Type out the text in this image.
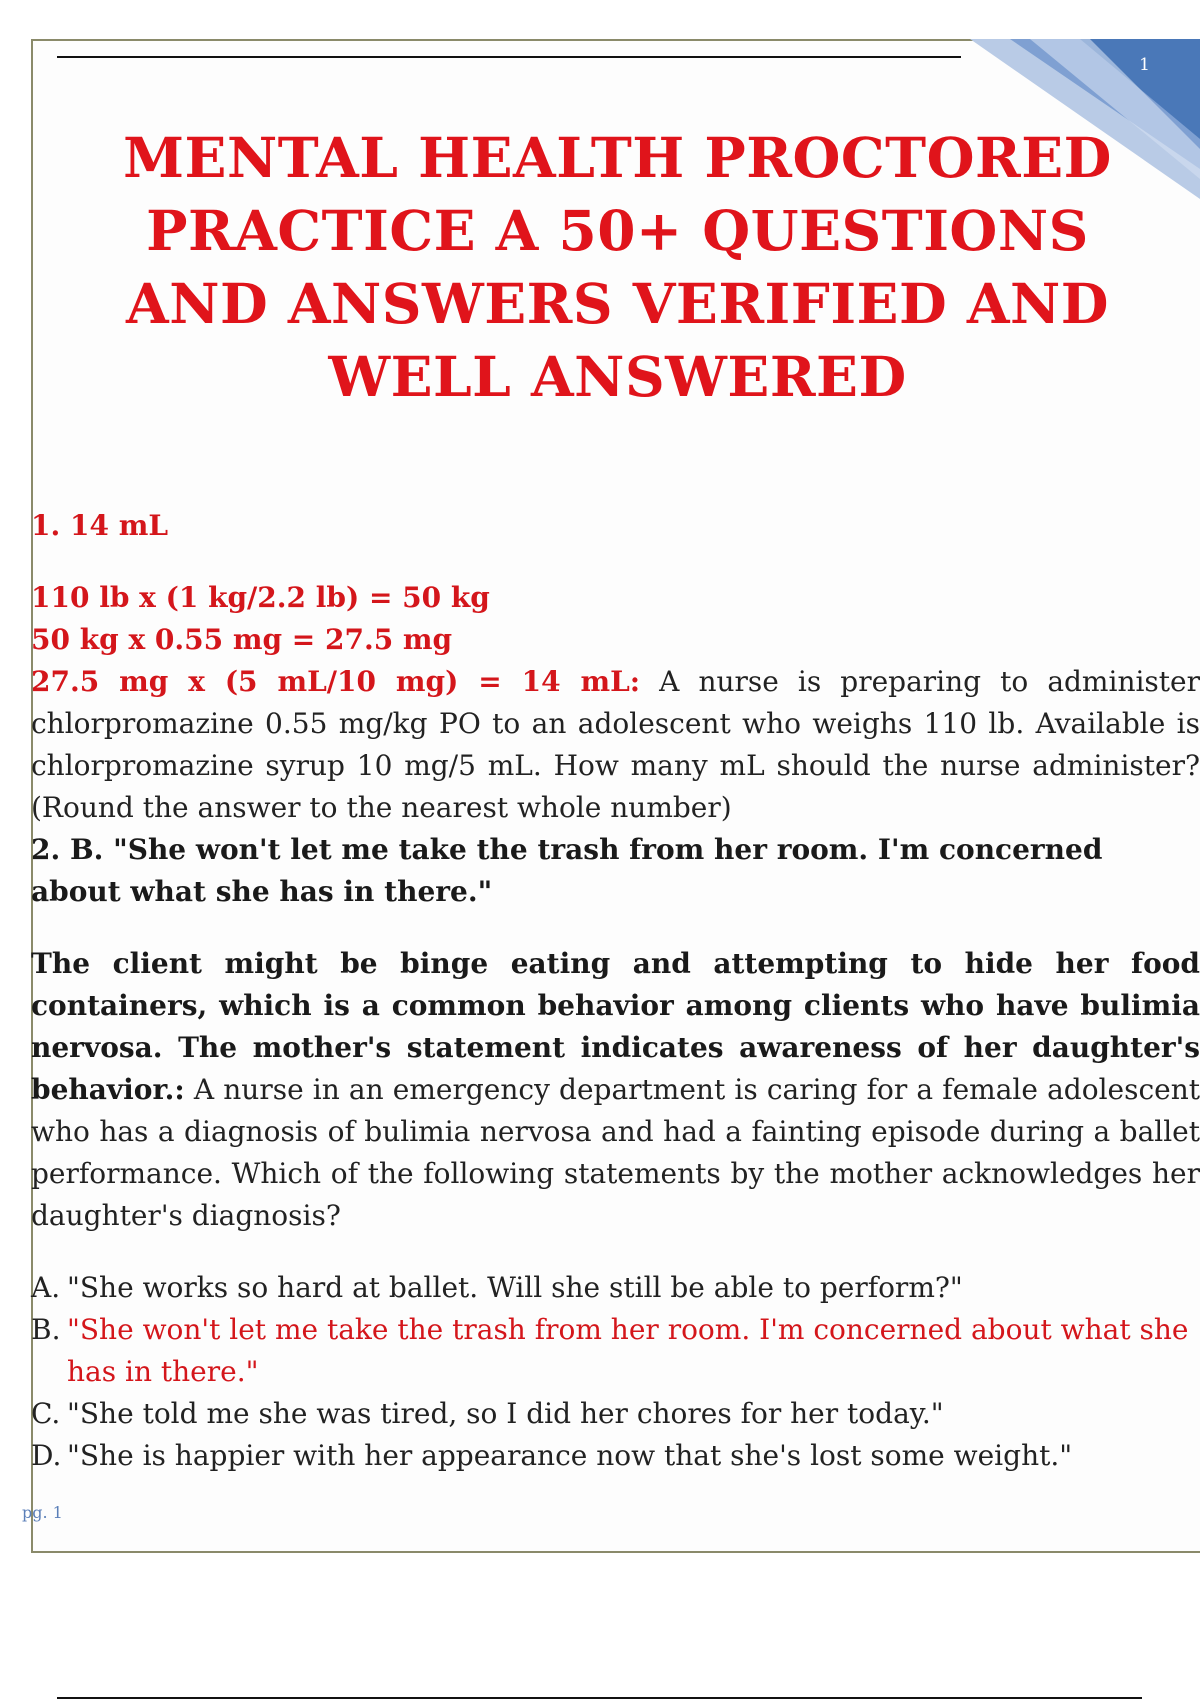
1
MENTAL HEALTH PROCTORED PRACTICE A 50+ QUESTIONS AND ANSWERS VERIFIED AND WELL ANSWERED

1. 14 mL

110 lb x (1 kg/2.2 lb) = 50 kg

50 kg x 0.55 mg = 27.5 mg

27.5 mg x (5 mL/10 mg) = 14 mL: A nurse is preparing to administer chlorpromazine 0.55 mg/kg PO to an adolescent who weighs 110 lb. Available is chlorpromazine syrup 10 mg/5 mL. How many mL should the nurse administer? (Round the answer to the nearest whole number)

2. B. "She won't let me take the trash from her room. I'm concerned about what she has in there."

The client might be binge eating and attempting to hide her food containers, which is a common behavior among clients who have bulimia nervosa. The mother's statement indicates awareness of her daughter's behavior.: A nurse in an emergency department is caring for a female adolescent who has a diagnosis of bulimia nervosa and had a fainting episode during a ballet performance. Which of the following statements by the mother acknowledges her daughter's diagnosis?

A. "She works so hard at ballet. Will she still be able to perform?"
B. "She won't let me take the trash from her room. I'm concerned about what she has in there."
C. "She told me she was tired, so I did her chores for her today."
D. "She is happier with her appearance now that she's lost some weight."
pg. 1
